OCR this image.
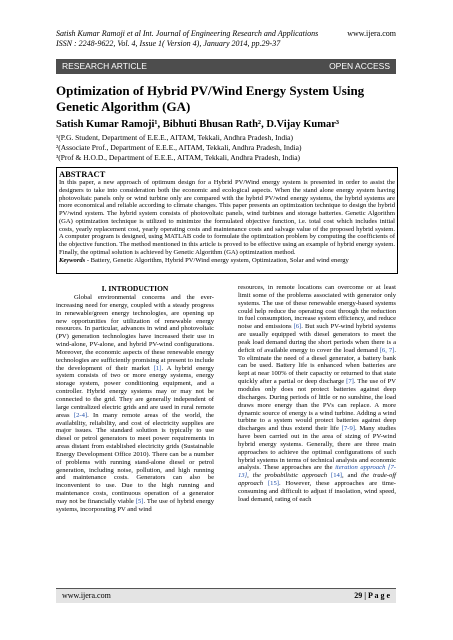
Satish Kumar Ramoji et al Int. Journal of Engineering Research and Applications
ISSN : 2248-9622, Vol. 4, Issue 1( Version 4), January 2014, pp.29-37
www.ijera.com
RESEARCH ARTICLE	OPEN ACCESS
Optimization of Hybrid PV/Wind Energy System Using Genetic Algorithm (GA)
Satish Kumar Ramoji¹, Bibhuti Bhusan Rath², D.Vijay Kumar³
¹(P.G. Student, Department of E.E.E., AITAM, Tekkali, Andhra Pradesh, India)
²(Associate Prof., Department of E.E.E., AITAM, Tekkali, Andhra Pradesh, India)
³(Prof & H.O.D., Department of E.E.E., AITAM, Tekkali, Andhra Pradesh, India)
ABSTRACT
In this paper, a new approach of optimum design for a Hybrid PV/Wind energy system is presented in order to assist the designers to take into consideration both the economic and ecological aspects. When the stand alone energy system having photovoltaic panels only or wind turbine only are compared with the hybrid PV/wind energy systems, the hybrid systems are more economical and reliable according to climate changes. This paper presents an optimization technique to design the hybrid PV/wind system. The hybrid system consists of photovoltaic panels, wind turbines and storage batteries. Genetic Algorithm (GA) optimization technique is utilized to minimize the formulated objective function, i.e. total cost which includes initial costs, yearly replacement cost, yearly operating costs and maintenance costs and salvage value of the proposed hybrid system. A computer program is designed, using MATLAB code to formulate the optimization problem by computing the coefficients of the objective function. The method mentioned in this article is proved to be effective using an example of hybrid energy system. Finally, the optimal solution is achieved by Genetic Algorithm (GA) optimization method.
Keywords - Battery, Genetic Algorithm, Hybrid PV/Wind energy system, Optimization, Solar and wind energy
I. INTRODUCTION

Global environmental concerns and the ever-increasing need for energy, coupled with a steady progress in renewable/green energy technologies, are opening up new opportunities for utilization of renewable energy resources. In particular, advances in wind and photovoltaic (PV) generation technologies have increased their use in wind-alone, PV-alone, and hybrid PV-wind configurations. Moreover, the economic aspects of these renewable energy technologies are sufficiently promising at present to include the development of their market [1]. A hybrid energy system consists of two or more energy systems, energy storage system, power conditioning equipment, and a controller. Hybrid energy systems may or may not be connected to the grid. They are generally independent of large centralized electric grids and are used in rural remote areas [2-4]. In many remote areas of the world, the availability, reliability, and cost of electricity supplies are major issues. The standard solution is typically to use diesel or petrol generators to meet power requirements in areas distant from established electricity grids (Sustainable Energy Development Office 2010). There can be a number of problems with running stand-alone diesel or petrol generation, including noise, pollution, and high running and maintenance costs. Generators can also be inconvenient to use. Due to the high running and maintenance costs, continuous operation of a generator may not be financially viable [5]. The use of hybrid energy systems, incorporating PV and wind

resources, in remote locations can overcome or at least limit some of the problems associated with generator only systems. The use of these renewable energy-based systems could help reduce the operating cost through the reduction in fuel consumption, increase system efficiency, and reduce noise and emissions [6]. But such PV-wind hybrid systems are usually equipped with diesel generators to meet the peak load demand during the short periods when there is a deficit of available energy to cover the load demand [6, 7]. To eliminate the need of a diesel generator, a battery bank can be used. Battery life is enhanced when batteries are kept at near 100% of their capacity or returned to that state quickly after a partial or deep discharge [7]. The use of PV modules only does not protect batteries against deep discharges. During periods of little or no sunshine, the load draws more energy than the PVs can replace. A more dynamic source of energy is a wind turbine. Adding a wind turbine to a system would protect batteries against deep discharges and thus extend their life [7-9]. Many studies have been carried out in the area of sizing of PV-wind hybrid energy systems. Generally, there are three main approaches to achieve the optimal configurations of such hybrid systems in terms of technical analysis and economic analysis. These approaches are the iteration approach [7-13], the probabilistic approach [14], and the trade-off approach [15]. However, these approaches are time-consuming and difficult to adjust if insolation, wind speed, load demand, rating of each

www.ijera.com	29 | P a g e
